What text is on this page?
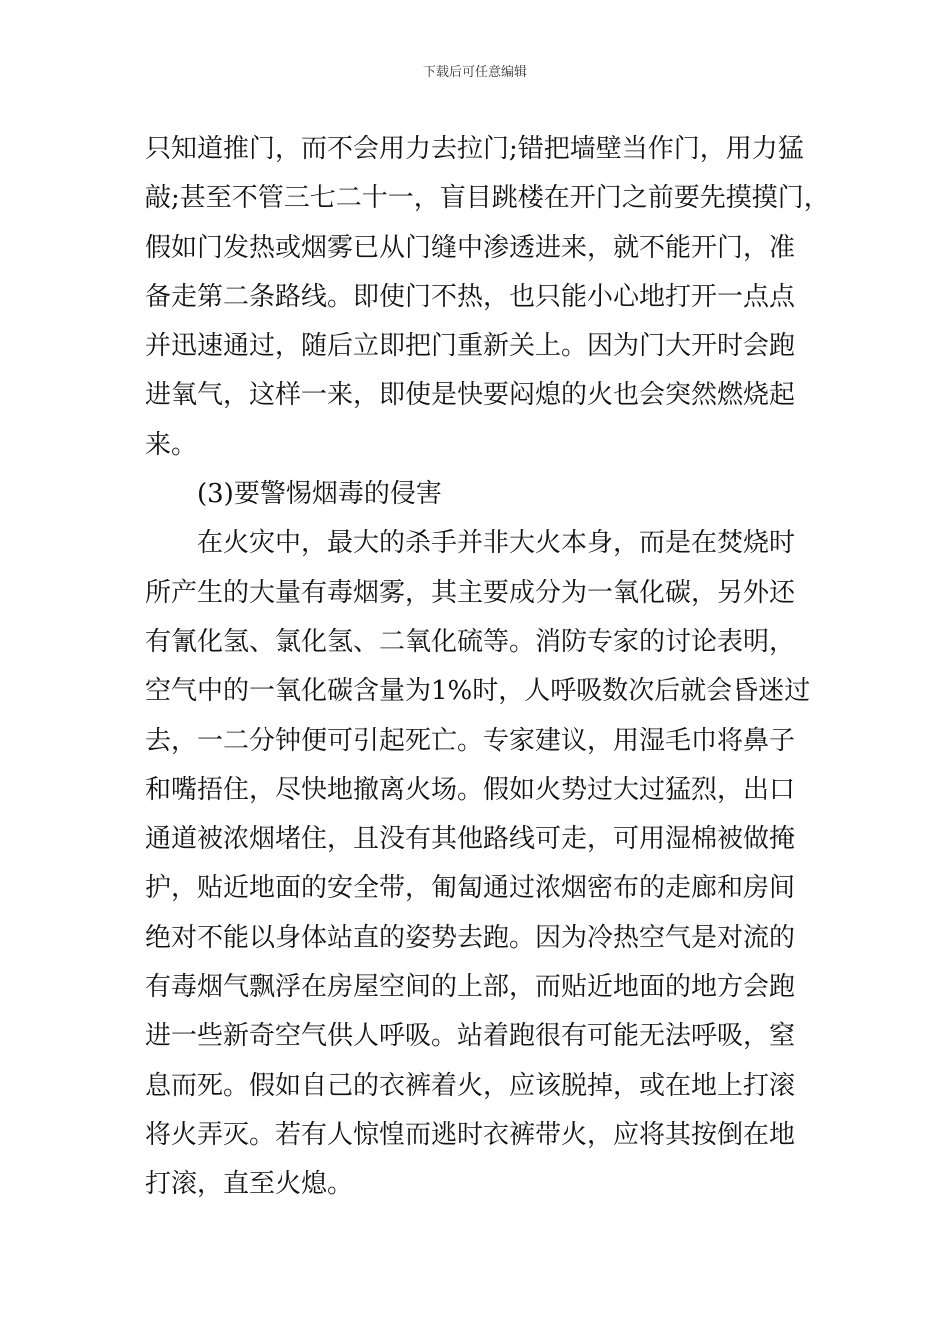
下载后可任意编辑
只知道推门，而不会用力去拉门;错把墙壁当作门，用力猛
敲;甚至不管三七二十一，盲目跳楼在开门之前要先摸摸门，
假如门发热或烟雾已从门缝中渗透进来，就不能开门，准
备走第二条路线。即使门不热，也只能小心地打开一点点
并迅速通过，随后立即把门重新关上。因为门大开时会跑
进氧气，这样一来，即使是快要闷熄的火也会突然燃烧起
来。
(3)要警惕烟毒的侵害
在火灾中，最大的杀手并非大火本身，而是在焚烧时
所产生的大量有毒烟雾，其主要成分为一氧化碳，另外还
有氰化氢、氯化氢、二氧化硫等。消防专家的讨论表明，
空气中的一氧化碳含量为1%时，人呼吸数次后就会昏迷过
去，一二分钟便可引起死亡。专家建议，用湿毛巾将鼻子
和嘴捂住，尽快地撤离火场。假如火势过大过猛烈，出口
通道被浓烟堵住，且没有其他路线可走，可用湿棉被做掩
护，贴近地面的安全带，匍匐通过浓烟密布的走廊和房间
绝对不能以身体站直的姿势去跑。因为冷热空气是对流的
有毒烟气飘浮在房屋空间的上部，而贴近地面的地方会跑
进一些新奇空气供人呼吸。站着跑很有可能无法呼吸，窒
息而死。假如自己的衣裤着火，应该脱掉，或在地上打滚
将火弄灭。若有人惊惶而逃时衣裤带火，应将其按倒在地
打滚，直至火熄。
